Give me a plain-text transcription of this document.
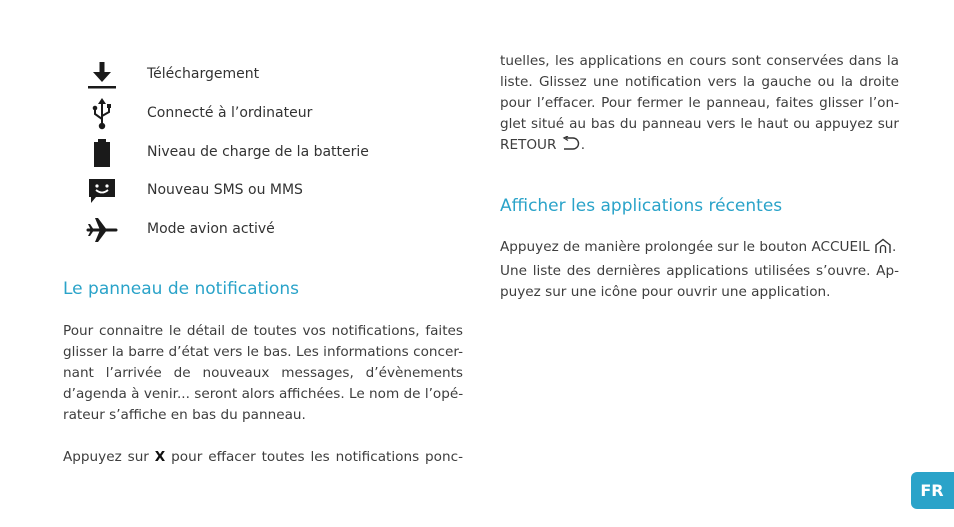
Téléchargement
Connecté à l’ordinateur
Niveau de charge de la batterie
Nouveau SMS ou MMS
Mode avion activé
Le panneau de notifications
Pour connaitre le détail de toutes vos notifications, faites
glisser la barre d’état vers le bas. Les informations concer-
nant l’arrivée de nouveaux messages, d’évènements
d’agenda à venir... seront alors affichées. Le nom de l’opé-
rateur s’affiche en bas du panneau.
Appuyez sur X pour effacer toutes les notifications ponc-
tuelles, les applications en cours sont conservées dans la
liste. Glissez une notification vers la gauche ou la droite
pour l’effacer. Pour fermer le panneau, faites glisser l’on-
glet situé au bas du panneau vers le haut ou appuyez sur
RETOUR .
Afficher les applications récentes
Appuyez de manière prolongée sur le bouton ACCUEIL .
Une liste des dernières applications utilisées s’ouvre. Ap-
puyez sur une icône pour ouvrir une application.
FR
